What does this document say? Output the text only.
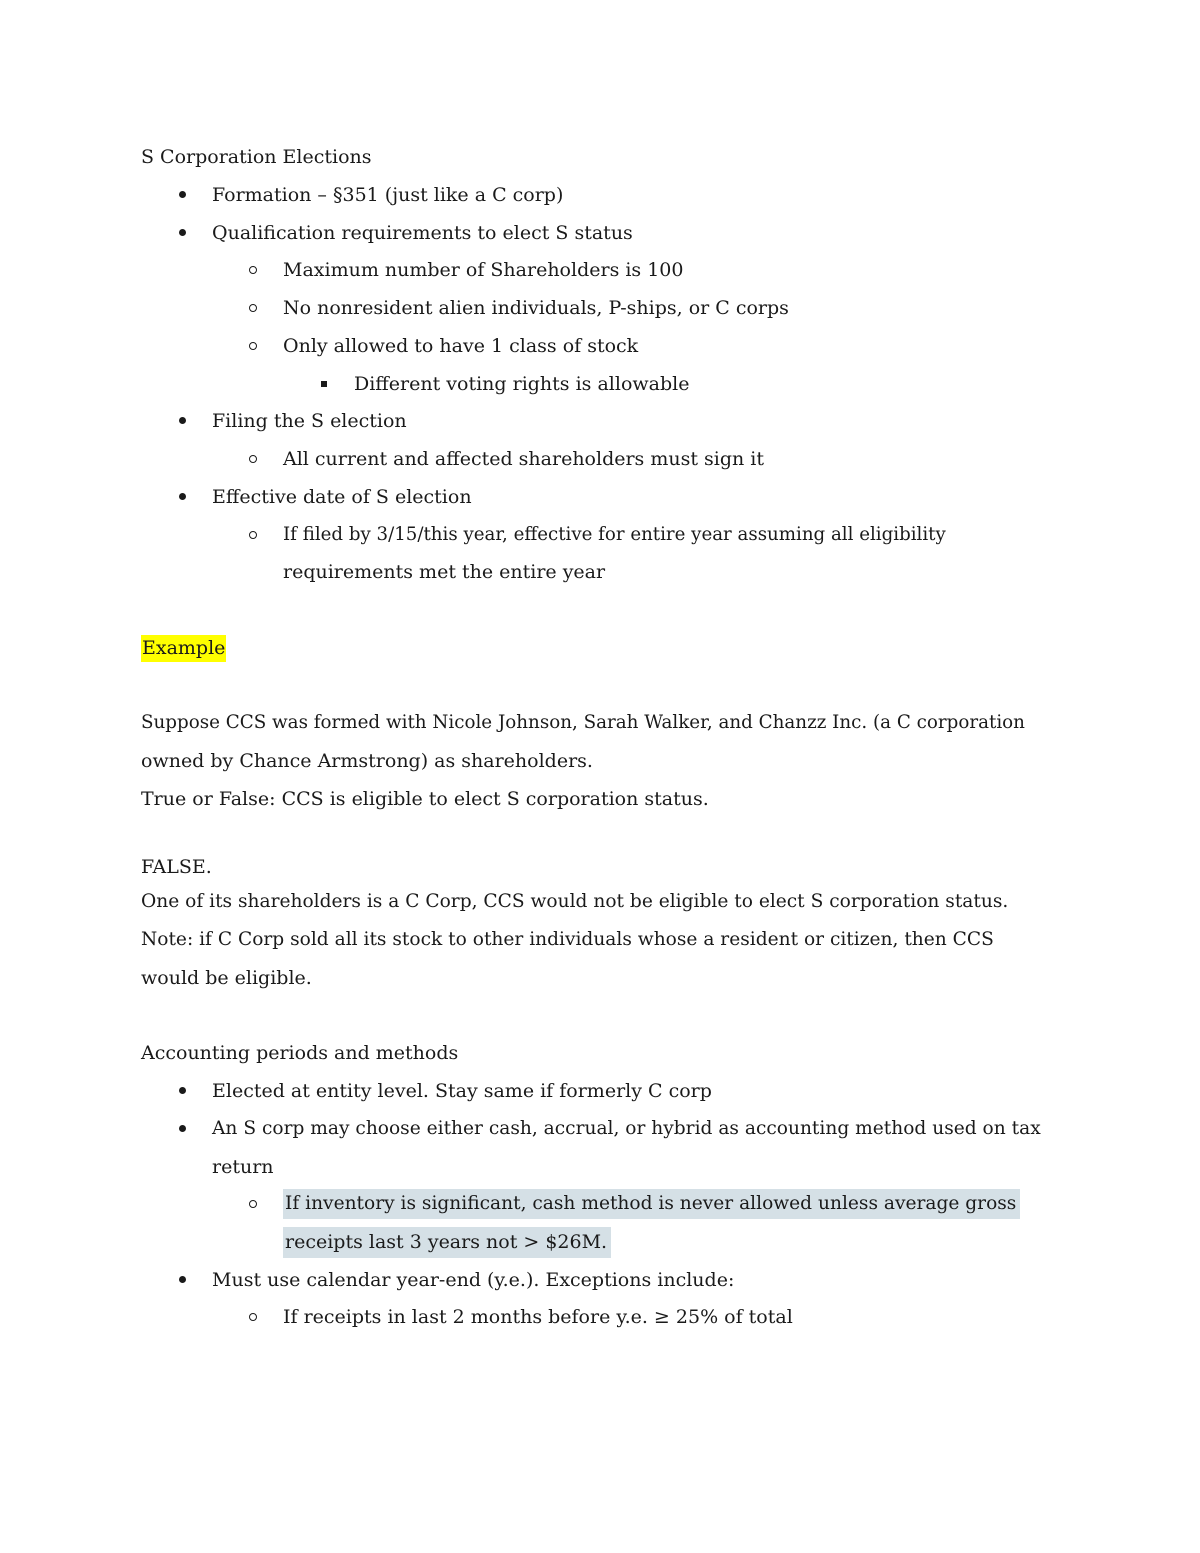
S Corporation Elections
Formation – §351 (just like a C corp)
Qualification requirements to elect S status
Maximum number of Shareholders is 100
No nonresident alien individuals, P-ships, or C corps
Only allowed to have 1 class of stock
Different voting rights is allowable
Filing the S election
All current and affected shareholders must sign it
Effective date of S election
If filed by 3/15/this year, effective for entire year assuming all eligibility
requirements met the entire year
Example
Suppose CCS was formed with Nicole Johnson, Sarah Walker, and Chanzz Inc. (a C corporation
owned by Chance Armstrong) as shareholders.
True or False: CCS is eligible to elect S corporation status.
FALSE.
One of its shareholders is a C Corp, CCS would not be eligible to elect S corporation status.
Note: if C Corp sold all its stock to other individuals whose a resident or citizen, then CCS
would be eligible.
Accounting periods and methods
Elected at entity level. Stay same if formerly C corp
An S corp may choose either cash, accrual, or hybrid as accounting method used on tax
return
If inventory is significant, cash method is never allowed unless average gross
receipts last 3 years not > $26M.
Must use calendar year-end (y.e.). Exceptions include:
If receipts in last 2 months before y.e. ≥ 25% of total
